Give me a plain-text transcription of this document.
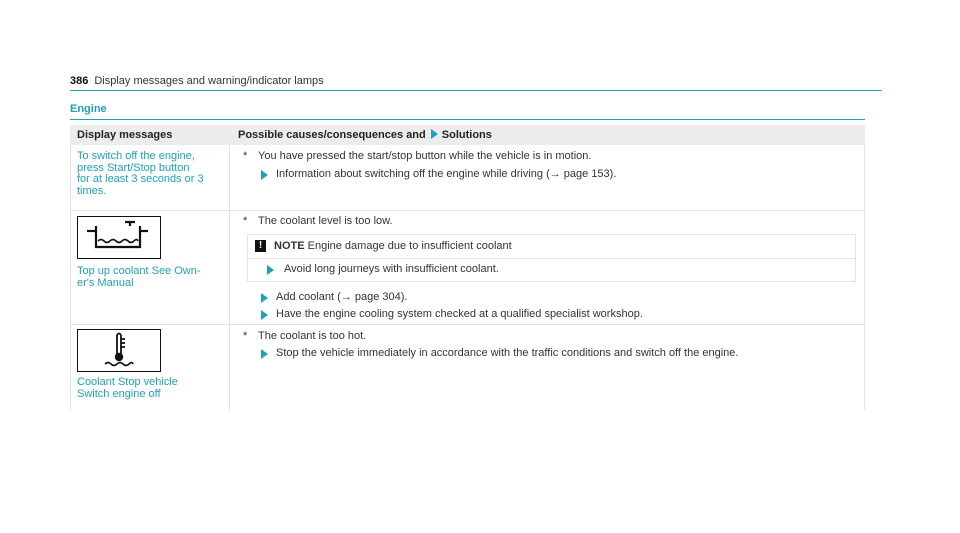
386 Display messages and warning/indicator lamps
Engine
Display messages	Possible causes/consequences and Solutions
To switch off the engine,
press Start/Stop button
for at least 3 seconds or 3
times.
* You have pressed the start/stop button while the vehicle is in motion.
Information about switching off the engine while driving (→ page 153).
Top up coolant See Own-
er's Manual
* The coolant level is too low.
!	NOTE Engine damage due to insufficient coolant
Avoid long journeys with insufficient coolant.
Add coolant (→ page 304).
Have the engine cooling system checked at a qualified specialist workshop.
Coolant Stop vehicle
Switch engine off
* The coolant is too hot.
Stop the vehicle immediately in accordance with the traffic conditions and switch off the engine.
